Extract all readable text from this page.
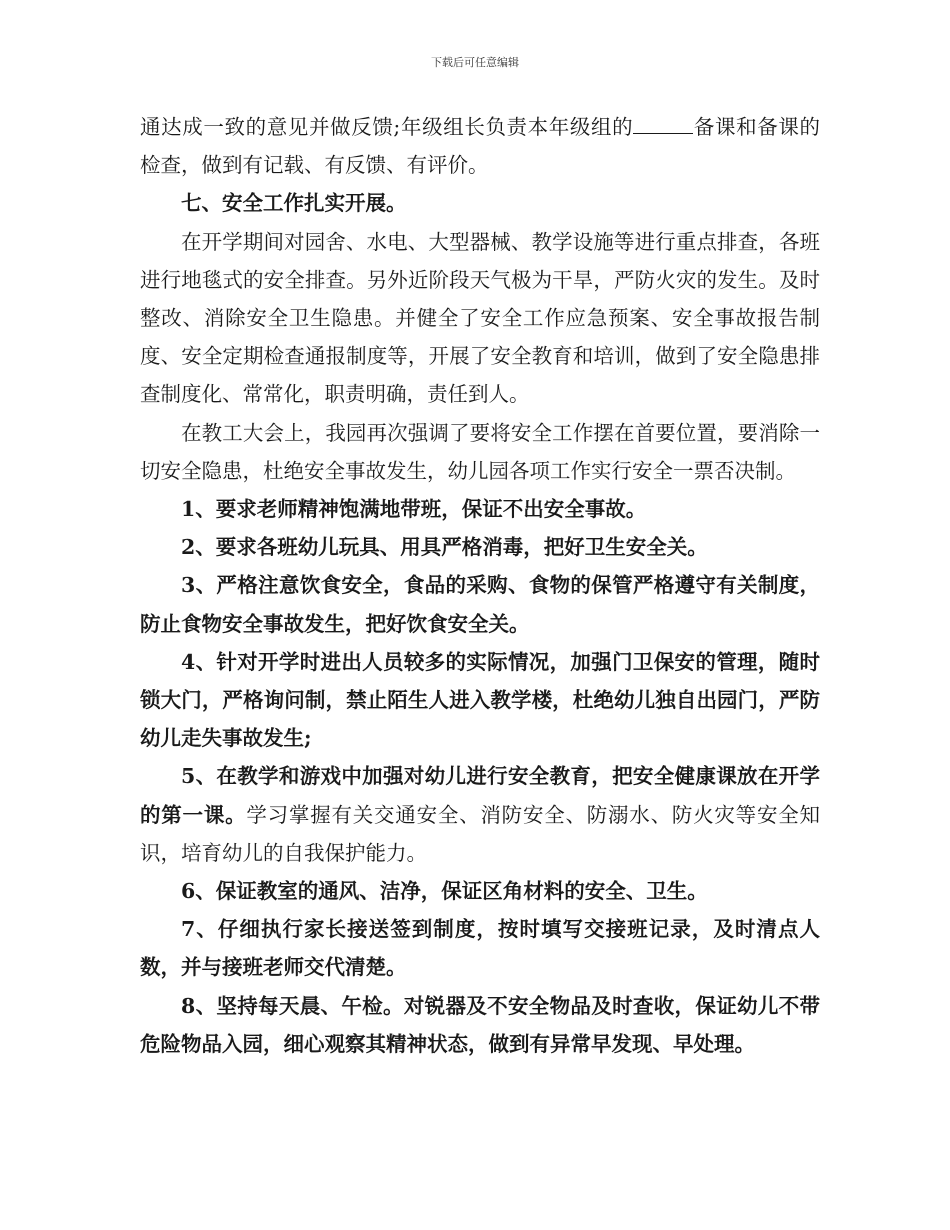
下载后可任意编辑

通达成一致的意见并做反馈;年级组长负责本年级组的	备课和备课的检查，做到有记载、有反馈、有评价。

七、安全工作扎实开展。

在开学期间对园舍、水电、大型器械、教学设施等进行重点排查，各班进行地毯式的安全排查。另外近阶段天气极为干旱，严防火灾的发生。及时整改、消除安全卫生隐患。并健全了安全工作应急预案、安全事故报告制度、安全定期检查通报制度等，开展了安全教育和培训，做到了安全隐患排查制度化、常常化，职责明确，责任到人。

在教工大会上，我园再次强调了要将安全工作摆在首要位置，要消除一切安全隐患，杜绝安全事故发生，幼儿园各项工作实行安全一票否决制。

1、要求老师精神饱满地带班，保证不出安全事故。

2、要求各班幼儿玩具、用具严格消毒，把好卫生安全关。

3、严格注意饮食安全，食品的采购、食物的保管严格遵守有关制度，防止食物安全事故发生，把好饮食安全关。

4、针对开学时进出人员较多的实际情况，加强门卫保安的管理，随时锁大门，严格询问制，禁止陌生人进入教学楼，杜绝幼儿独自出园门，严防幼儿走失事故发生;

5、在教学和游戏中加强对幼儿进行安全教育，把安全健康课放在开学的第一课。学习掌握有关交通安全、消防安全、防溺水、防火灾等安全知识，培育幼儿的自我保护能力。

6、保证教室的通风、洁净，保证区角材料的安全、卫生。

7、仔细执行家长接送签到制度，按时填写交接班记录，及时清点人数，并与接班老师交代清楚。

8、坚持每天晨、午检。对锐器及不安全物品及时查收，保证幼儿不带危险物品入园，细心观察其精神状态，做到有异常早发现、早处理。
